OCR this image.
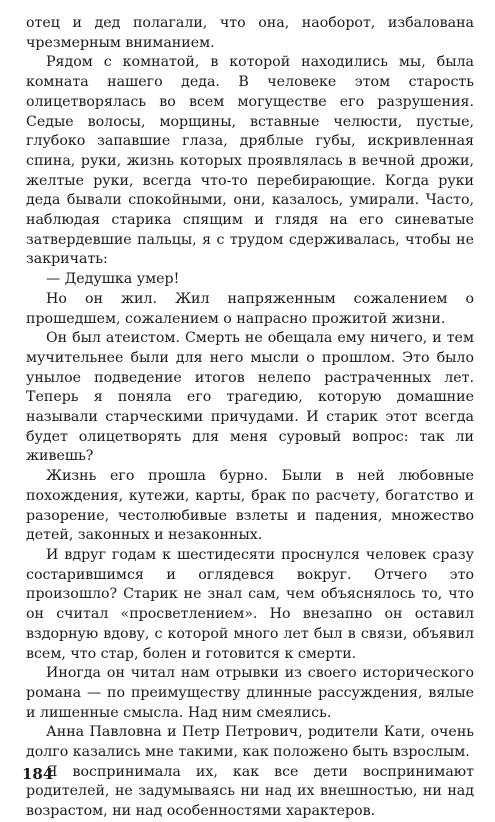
отец и дед полагали, что она, наоборот, избалована чрезмерным вниманием.

Рядом с комнатой, в которой находились мы, была комната нашего деда. В человеке этом старость олицетворялась во всем могуществе его разрушения. Седые волосы, морщины, вставные челюсти, пустые, глубоко запавшие глаза, дряблые губы, искривленная спина, руки, жизнь которых проявлялась в вечной дрожи, желтые руки, всегда что-то перебирающие. Когда руки деда бывали спокойными, они, казалось, умирали. Часто, наблюдая старика спящим и глядя на его синеватые затвердевшие пальцы, я с трудом сдерживалась, чтобы не закричать:

— Дедушка умер!

Но он жил. Жил напряженным сожалением о прошедшем, сожалением о напрасно прожитой жизни.

Он был атеистом. Смерть не обещала ему ничего, и тем мучительнее были для него мысли о прошлом. Это было унылое подведение итогов нелепо растраченных лет. Теперь я поняла его трагедию, которую домашние называли старческими причудами. И старик этот всегда будет олицетворять для меня суровый вопрос: так ли живешь?

Жизнь его прошла бурно. Были в ней любовные похождения, кутежи, карты, брак по расчету, богатство и разорение, честолюбивые взлеты и падения, множество детей, законных и незаконных.

И вдруг годам к шестидесяти проснулся человек сразу состарившимся и оглядевся вокруг. Отчего это произошло? Старик не знал сам, чем объяснялось то, что он считал «просветлением». Но внезапно он оставил вздорную вдову, с которой много лет был в связи, объявил всем, что стар, болен и готовится к смерти.

Иногда он читал нам отрывки из своего исторического романа — по преимуществу длинные рассуждения, вялые и лишенные смысла. Над ним смеялись.

Анна Павловна и Петр Петрович, родители Кати, очень долго казались мне такими, как положено быть взрослым.

Я воспринимала их, как все дети воспринимают родителей, не задумываясь ни над их внешностью, ни над возрастом, ни над особенностями характеров.

184
